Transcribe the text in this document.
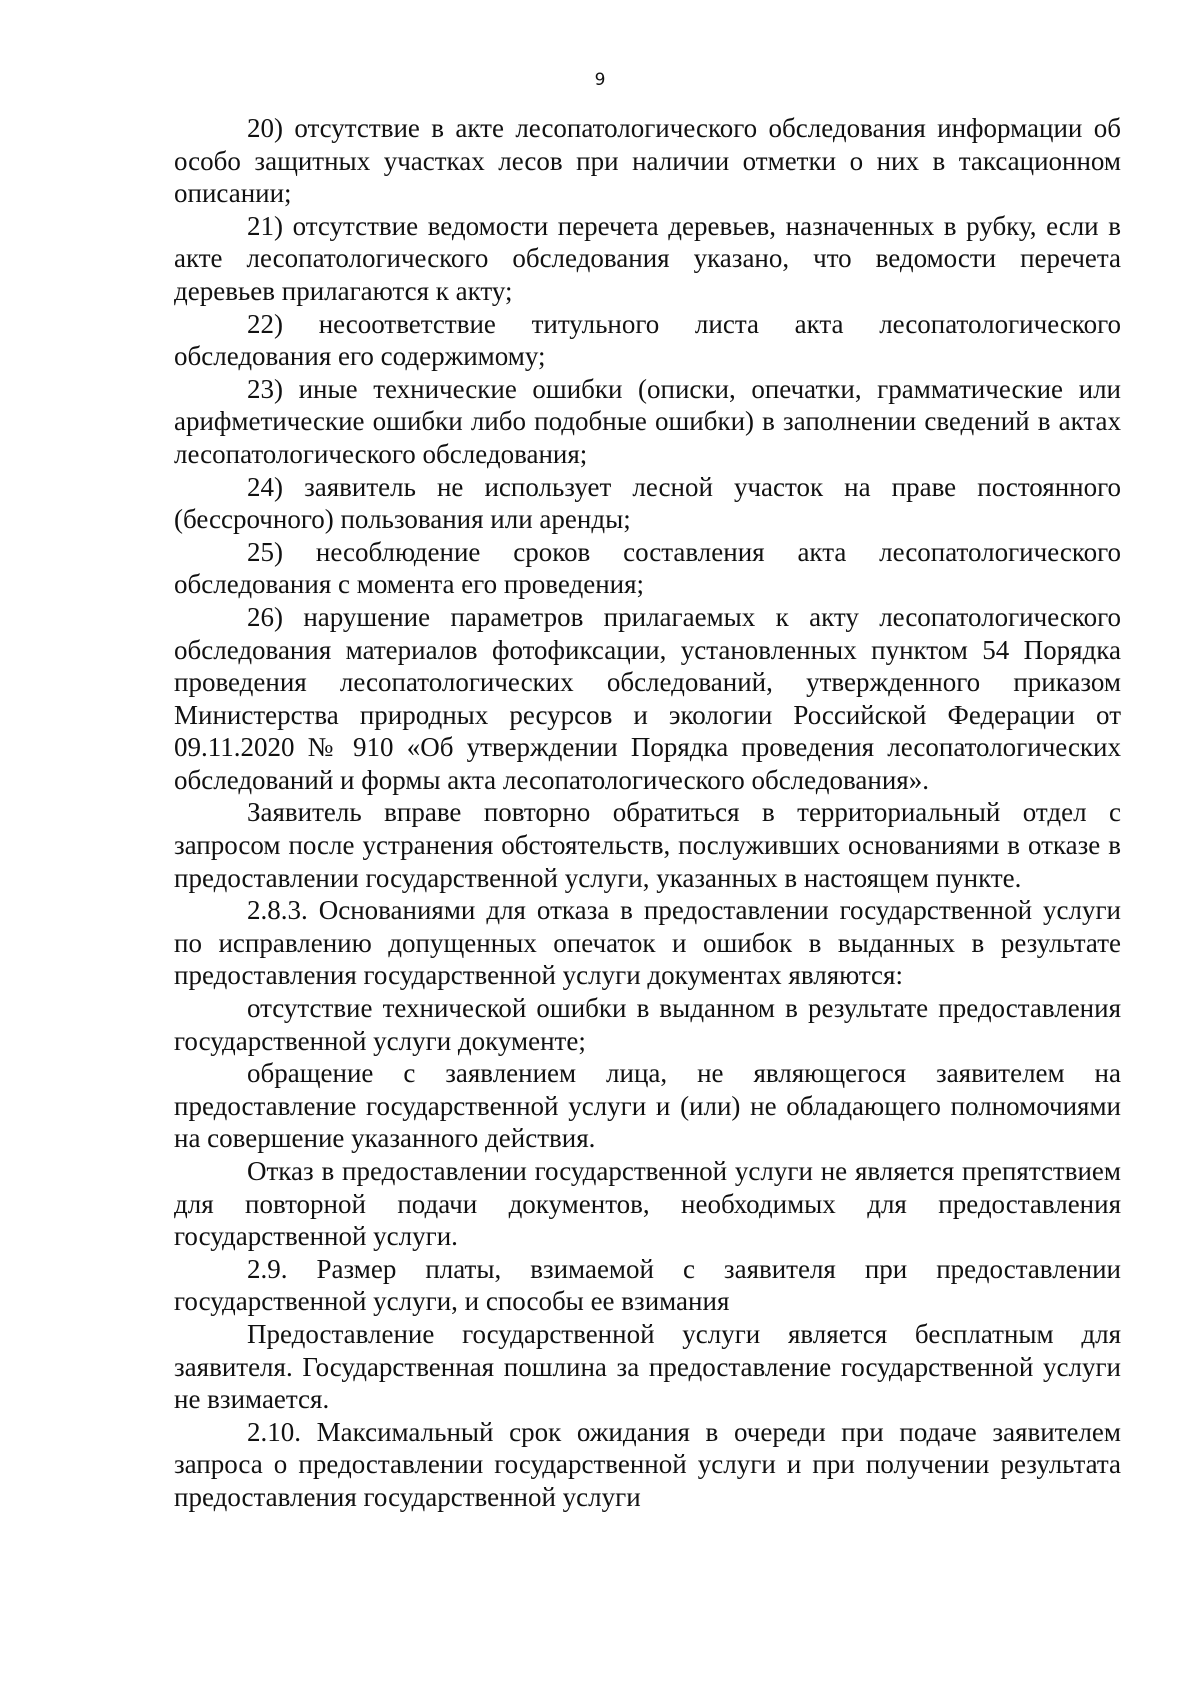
9

20) отсутствие в акте лесопатологического обследования информации об особо защитных участках лесов при наличии отметки о них в таксационном описании;

21) отсутствие ведомости перечета деревьев, назначенных в рубку, если в акте лесопатологического обследования указано, что ведомости перечета деревьев прилагаются к акту;

22) несоответствие титульного листа акта лесопатологического обследования его содержимому;

23) иные технические ошибки (описки, опечатки, грамматические или арифметические ошибки либо подобные ошибки) в заполнении сведений в актах лесопатологического обследования;

24) заявитель не использует лесной участок на праве постоянного (бессрочного) пользования или аренды;

25) несоблюдение сроков составления акта лесопатологического обследования с момента его проведения;

26) нарушение параметров прилагаемых к акту лесопатологического обследования материалов фотофиксации, установленных пунктом 54 Порядка проведения лесопатологических обследований, утвержденного приказом Министерства природных ресурсов и экологии Российской Федерации от 09.11.2020 № 910 «Об утверждении Порядка проведения лесопатологических обследований и формы акта лесопатологического обследования».

Заявитель вправе повторно обратиться в территориальный отдел с запросом после устранения обстоятельств, послуживших основаниями в отказе в предоставлении государственной услуги, указанных в настоящем пункте.

2.8.3. Основаниями для отказа в предоставлении государственной услуги по исправлению допущенных опечаток и ошибок в выданных в результате предоставления государственной услуги документах являются:

отсутствие технической ошибки в выданном в результате предоставления государственной услуги документе;

обращение с заявлением лица, не являющегося заявителем на предоставление государственной услуги и (или) не обладающего полномочиями на совершение указанного действия.

Отказ в предоставлении государственной услуги не является препятствием для повторной подачи документов, необходимых для предоставления государственной услуги.

2.9. Размер платы, взимаемой с заявителя при предоставлении государственной услуги, и способы ее взимания

Предоставление государственной услуги является бесплатным для заявителя. Государственная пошлина за предоставление государственной услуги не взимается.

2.10. Максимальный срок ожидания в очереди при подаче заявителем запроса о предоставлении государственной услуги и при получении результата предоставления государственной услуги
